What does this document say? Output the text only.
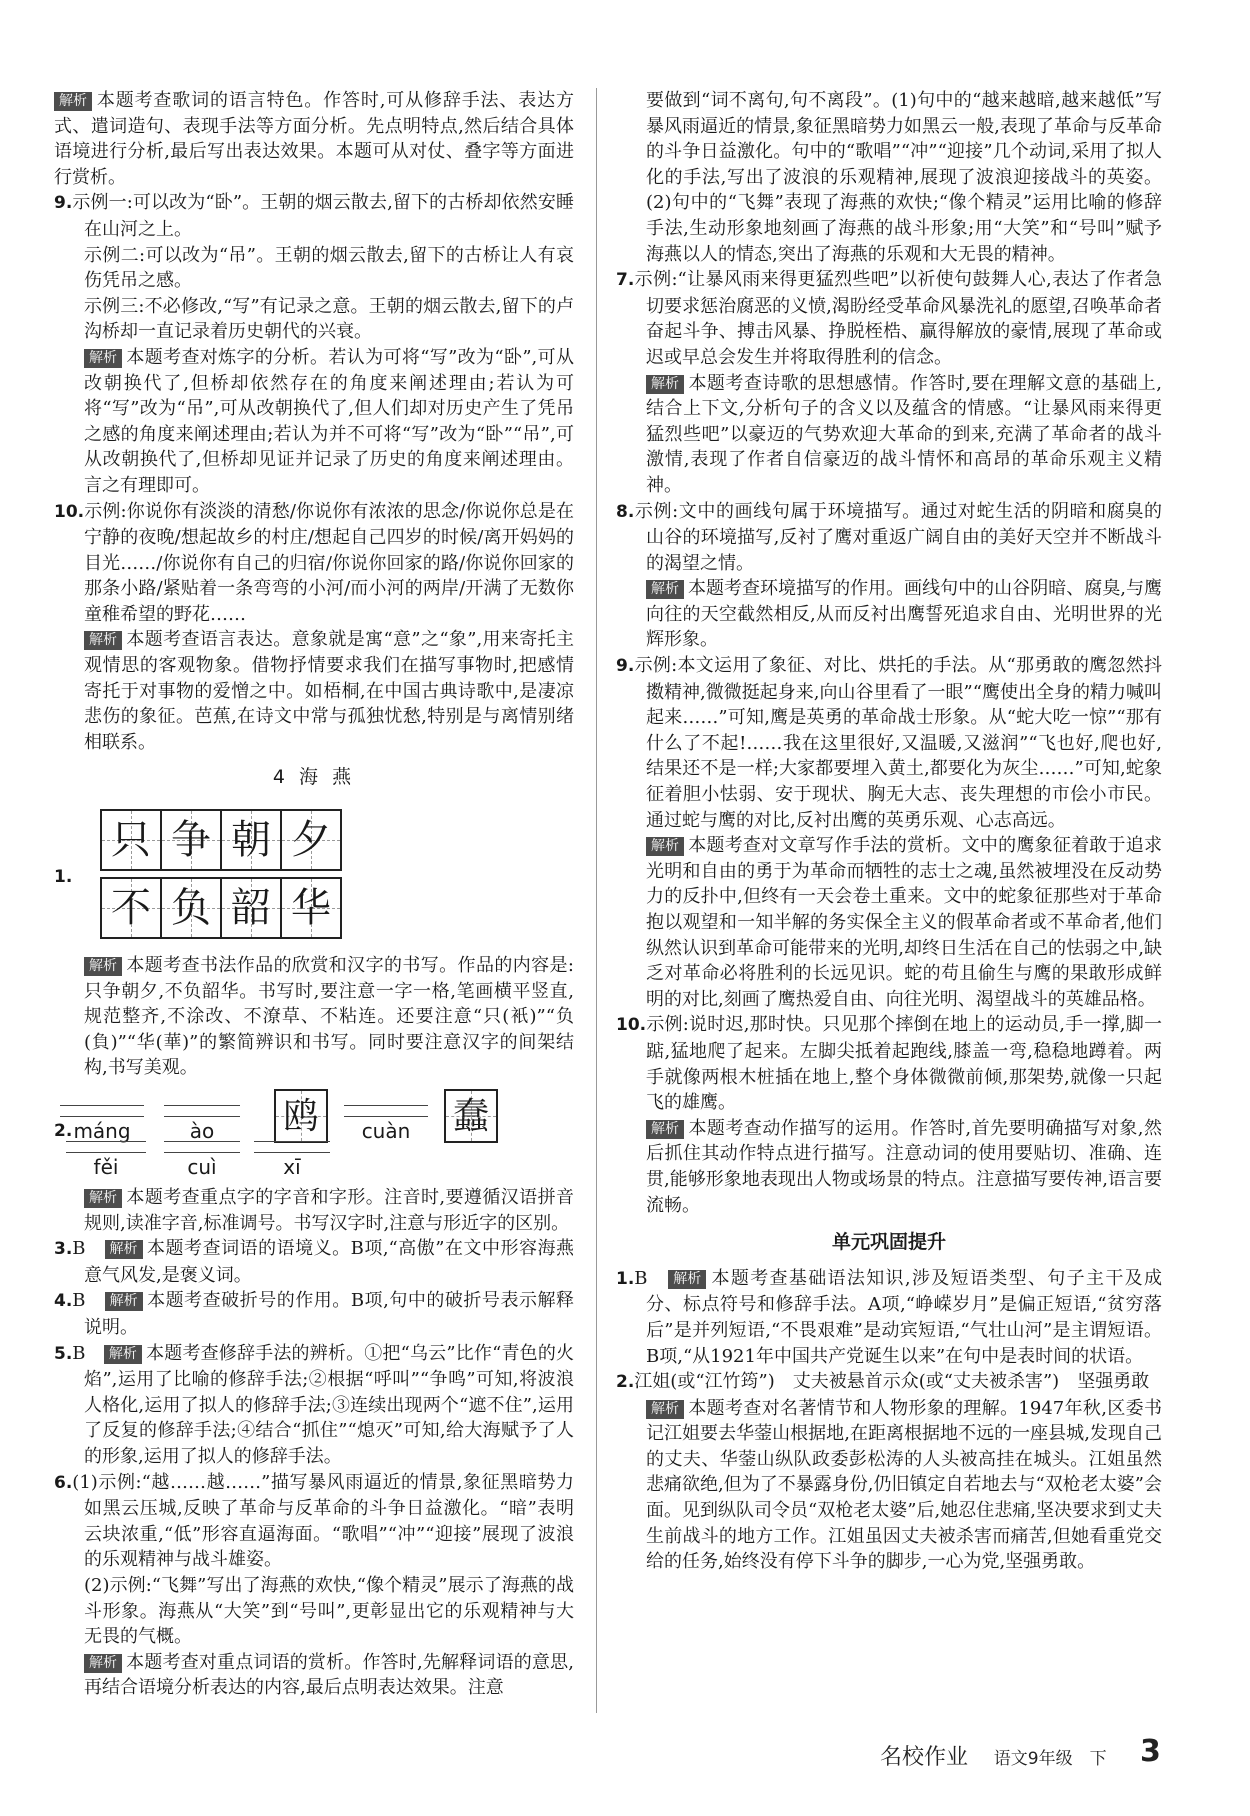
解析 本题考查歌词的语言特色。作答时,可从修辞手法、表达方式、遣词造句、表现手法等方面分析。先点明特点,然后结合具体语境进行分析,最后写出表达效果。本题可从对仗、叠字等方面进行赏析。

9.示例一:可以改为“卧”。王朝的烟云散去,留下的古桥却依然安睡在山河之上。

示例二:可以改为“吊”。王朝的烟云散去,留下的古桥让人有哀伤凭吊之感。

示例三:不必修改,“写”有记录之意。王朝的烟云散去,留下的卢沟桥却一直记录着历史朝代的兴衰。

解析 本题考查对炼字的分析。若认为可将“写”改为“卧”,可从改朝换代了,但桥却依然存在的角度来阐述理由;若认为可将“写”改为“吊”,可从改朝换代了,但人们却对历史产生了凭吊之感的角度来阐述理由;若认为并不可将“写”改为“卧”“吊”,可从改朝换代了,但桥却见证并记录了历史的角度来阐述理由。言之有理即可。

10.示例:你说你有淡淡的清愁/你说你有浓浓的思念/你说你总是在宁静的夜晚/想起故乡的村庄/想起自己四岁的时候/离开妈妈的目光……/你说你有自己的归宿/你说你回家的路/你说你回家的那条小路/紧贴着一条弯弯的小河/而小河的两岸/开满了无数你童稚希望的野花……

解析 本题考查语言表达。意象就是寓“意”之“象”,用来寄托主观情思的客观物象。借物抒情要求我们在描写事物时,把感情寄托于对事物的爱憎之中。如梧桐,在中国古典诗歌中,是凄凉悲伤的象征。芭蕉,在诗文中常与孤独忧愁,特别是与离情别绪相联系。

4 海 燕
1.
只 争 朝 夕
不 负 韶 华

解析 本题考查书法作品的欣赏和汉字的书写。作品的内容是:只争朝夕,不负韶华。书写时,要注意一字一格,笔画横平竖直,规范整齐,不涂改、不潦草、不粘连。还要注意“只(衹)”“负(負)”“华(華)”的繁简辨识和书写。同时要注意汉字的间架结构,书写美观。

2. máng	ào	鸥	cuàn	蠢
fěi	cuì	xī

解析 本题考查重点字的字音和字形。注音时,要遵循汉语拼音规则,读准字音,标准调号。书写汉字时,注意与形近字的区别。

3.B　 解析 本题考查词语的语境义。B项,“高傲”在文中形容海燕意气风发,是褒义词。
4.B　 解析 本题考查破折号的作用。B项,句中的破折号表示解释说明。
5.B　 解析 本题考查修辞手法的辨析。①把“乌云”比作“青色的火焰”,运用了比喻的修辞手法;②根据“呼叫”“争鸣”可知,将波浪人格化,运用了拟人的修辞手法;③连续出现两个“遮不住”,运用了反复的修辞手法;④结合“抓住”“熄灭”可知,给大海赋予了人的形象,运用了拟人的修辞手法。
6.(1)示例:“越……越……”描写暴风雨逼近的情景,象征黑暗势力如黑云压城,反映了革命与反革命的斗争日益激化。“暗”表明云块浓重,“低”形容直逼海面。“歌唱”“冲”“迎接”展现了波浪的乐观精神与战斗雄姿。

(2)示例:“飞舞”写出了海燕的欢快,“像个精灵”展示了海燕的战斗形象。海燕从“大笑”到“号叫”,更彰显出它的乐观精神与大无畏的气概。

解析 本题考查对重点词语的赏析。作答时,先解释词语的意思,再结合语境分析表达的内容,最后点明表达效果。注意

要做到“词不离句,句不离段”。(1)句中的“越来越暗,越来越低”写暴风雨逼近的情景,象征黑暗势力如黑云一般,表现了革命与反革命的斗争日益激化。句中的“歌唱”“冲”“迎接”几个动词,采用了拟人化的手法,写出了波浪的乐观精神,展现了波浪迎接战斗的英姿。(2)句中的“飞舞”表现了海燕的欢快;“像个精灵”运用比喻的修辞手法,生动形象地刻画了海燕的战斗形象;用“大笑”和“号叫”赋予海燕以人的情态,突出了海燕的乐观和大无畏的精神。

7.示例:“让暴风雨来得更猛烈些吧”以祈使句鼓舞人心,表达了作者急切要求惩治腐恶的义愤,渴盼经受革命风暴洗礼的愿望,召唤革命者奋起斗争、搏击风暴、挣脱桎梏、赢得解放的豪情,展现了革命或迟或早总会发生并将取得胜利的信念。

解析 本题考查诗歌的思想感情。作答时,要在理解文意的基础上,结合上下文,分析句子的含义以及蕴含的情感。“让暴风雨来得更猛烈些吧”以豪迈的气势欢迎大革命的到来,充满了革命者的战斗激情,表现了作者自信豪迈的战斗情怀和高昂的革命乐观主义精神。

8.示例:文中的画线句属于环境描写。通过对蛇生活的阴暗和腐臭的山谷的环境描写,反衬了鹰对重返广阔自由的美好天空并不断战斗的渴望之情。

解析 本题考查环境描写的作用。画线句中的山谷阴暗、腐臭,与鹰向往的天空截然相反,从而反衬出鹰誓死追求自由、光明世界的光辉形象。

9.示例:本文运用了象征、对比、烘托的手法。从“那勇敢的鹰忽然抖擞精神,微微挺起身来,向山谷里看了一眼”“鹰使出全身的精力喊叫起来……”可知,鹰是英勇的革命战士形象。从“蛇大吃一惊”“那有什么了不起!……我在这里很好,又温暖,又滋润”“飞也好,爬也好,结果还不是一样;大家都要埋入黄土,都要化为灰尘……”可知,蛇象征着胆小怯弱、安于现状、胸无大志、丧失理想的市侩小市民。通过蛇与鹰的对比,反衬出鹰的英勇乐观、心志高远。

解析 本题考查对文章写作手法的赏析。文中的鹰象征着敢于追求光明和自由的勇于为革命而牺牲的志士之魂,虽然被埋没在反动势力的反扑中,但终有一天会卷土重来。文中的蛇象征那些对于革命抱以观望和一知半解的务实保全主义的假革命者或不革命者,他们纵然认识到革命可能带来的光明,却终日生活在自己的怯弱之中,缺乏对革命必将胜利的长远见识。蛇的苟且偷生与鹰的果敢形成鲜明的对比,刻画了鹰热爱自由、向往光明、渴望战斗的英雄品格。

10.示例:说时迟,那时快。只见那个摔倒在地上的运动员,手一撑,脚一踮,猛地爬了起来。左脚尖抵着起跑线,膝盖一弯,稳稳地蹲着。两手就像两根木桩插在地上,整个身体微微前倾,那架势,就像一只起飞的雄鹰。

解析 本题考查动作描写的运用。作答时,首先要明确描写对象,然后抓住其动作特点进行描写。注意动词的使用要贴切、准确、连贯,能够形象地表现出人物或场景的特点。注意描写要传神,语言要流畅。

单元巩固提升
1.B　 解析 本题考查基础语法知识,涉及短语类型、句子主干及成分、标点符号和修辞手法。A项,“峥嵘岁月”是偏正短语,“贫穷落后”是并列短语,“不畏艰难”是动宾短语,“气壮山河”是主谓短语。B项,“从1921年中国共产党诞生以来”在句中是表时间的状语。
2.江姐(或“江竹筠”)　丈夫被悬首示众(或“丈夫被杀害”)　坚强勇敢

解析 本题考查对名著情节和人物形象的理解。1947年秋,区委书记江姐要去华蓥山根据地,在距离根据地不远的一座县城,发现自己的丈夫、华蓥山纵队政委彭松涛的人头被高挂在城头。江姐虽然悲痛欲绝,但为了不暴露身份,仍旧镇定自若地去与“双枪老太婆”会面。见到纵队司令员“双枪老太婆”后,她忍住悲痛,坚决要求到丈夫生前战斗的地方工作。江姐虽因丈夫被杀害而痛苦,但她看重党交给的任务,始终没有停下斗争的脚步,一心为党,坚强勇敢。

名校作业 语文9年级　下 3
